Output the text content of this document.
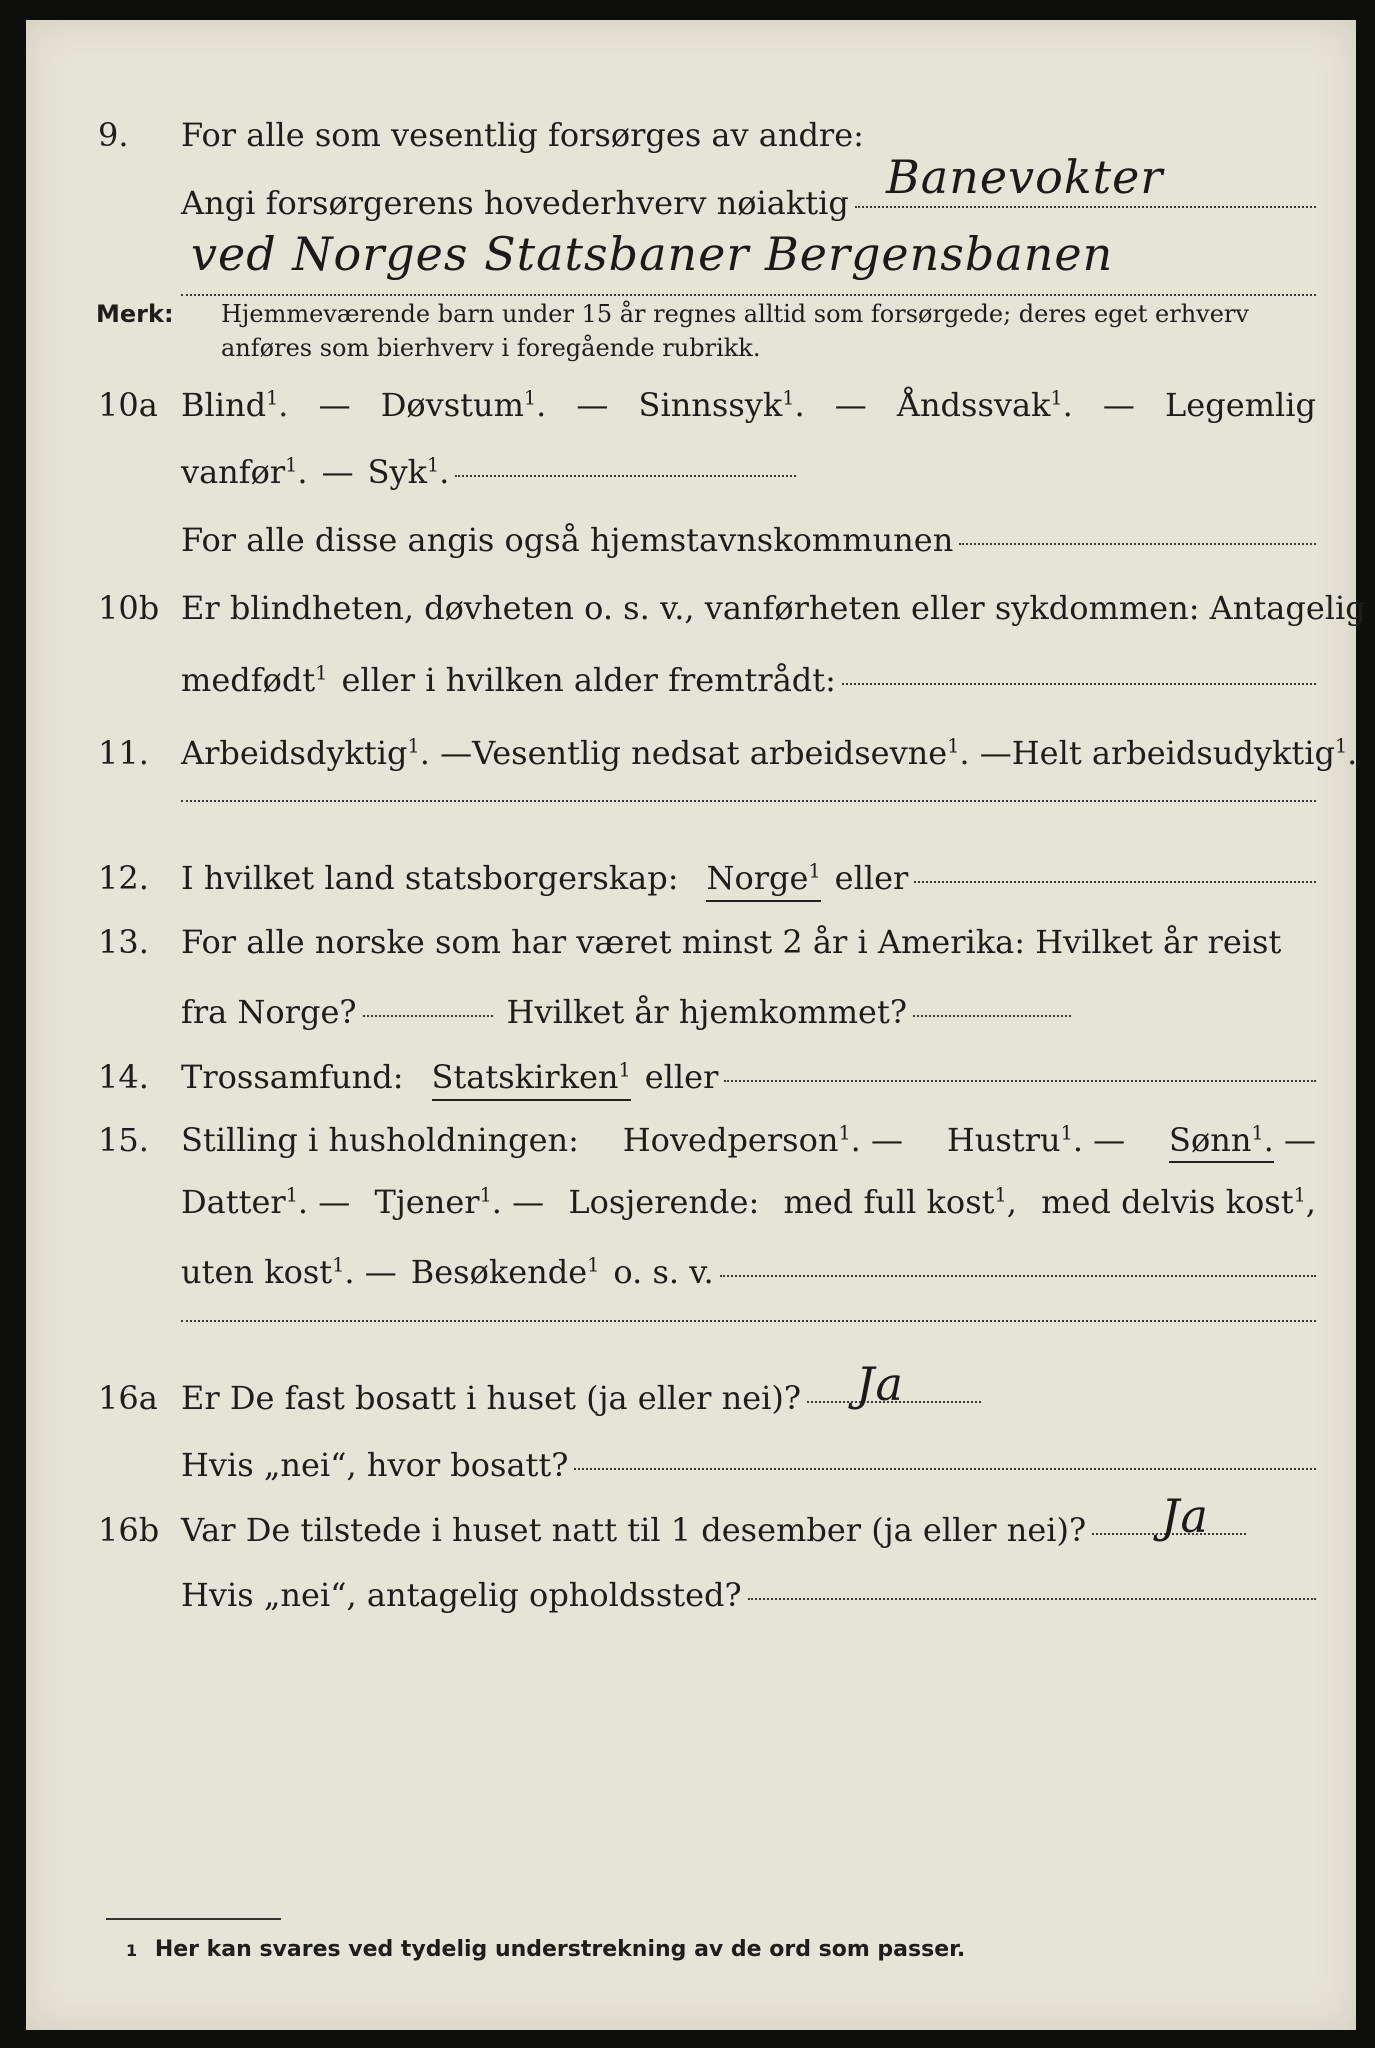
9.	For alle som vesentlig forsørges av andre:
Angi forsørgerens hovederhverv nøiaktig Banevokter
ved Norges Statsbaner Bergensbanen
Merk: Hjemmeværende barn under 15 år regnes alltid som forsørgede; deres eget erhverv
anføres som bierhverv i foregående rubrikk.
10a Blind$^1$. — Døvstum$^1$. — Sinnssyk$^1$. — Åndssvak$^1$. — Legemlig
vanfør$^1$. — Syk$^1$.
For alle disse angis også hjemstavnskommunen
10b Er blindheten, døvheten o. s. v., vanførheten eller sykdommen: Antagelig
medfødt$^1$ eller i hvilken alder fremtrådt:
11.	Arbeidsdyktig$^1$. — Vesentlig nedsat arbeidsevne$^1$. — Helt arbeidsudyktig$^1$.
12.	I hvilket land statsborgerskap: Norge$^1$ eller
13.	For alle norske som har været minst 2 år i Amerika: Hvilket år reist
fra Norge?	Hvilket år hjemkommet?
14.	Trossamfund: Statskirken$^1$ eller
15.	Stilling i husholdningen: Hovedperson$^1$. — Hustru$^1$. — Sønn$^1$. —
Datter$^1$. — Tjener$^1$. — Losjerende: med full kost$^1$, med delvis kost$^1$,
uten kost$^1$. — Besøkende$^1$ o. s. v.
16a Er De fast bosatt i huset (ja eller nei)? Ja
Hvis „nei“, hvor bosatt?
16b Var De tilstede i huset natt til 1 desember (ja eller nei)? Ja
Hvis „nei“, antagelig opholdssted?
1 Her kan svares ved tydelig understrekning av de ord som passer.
